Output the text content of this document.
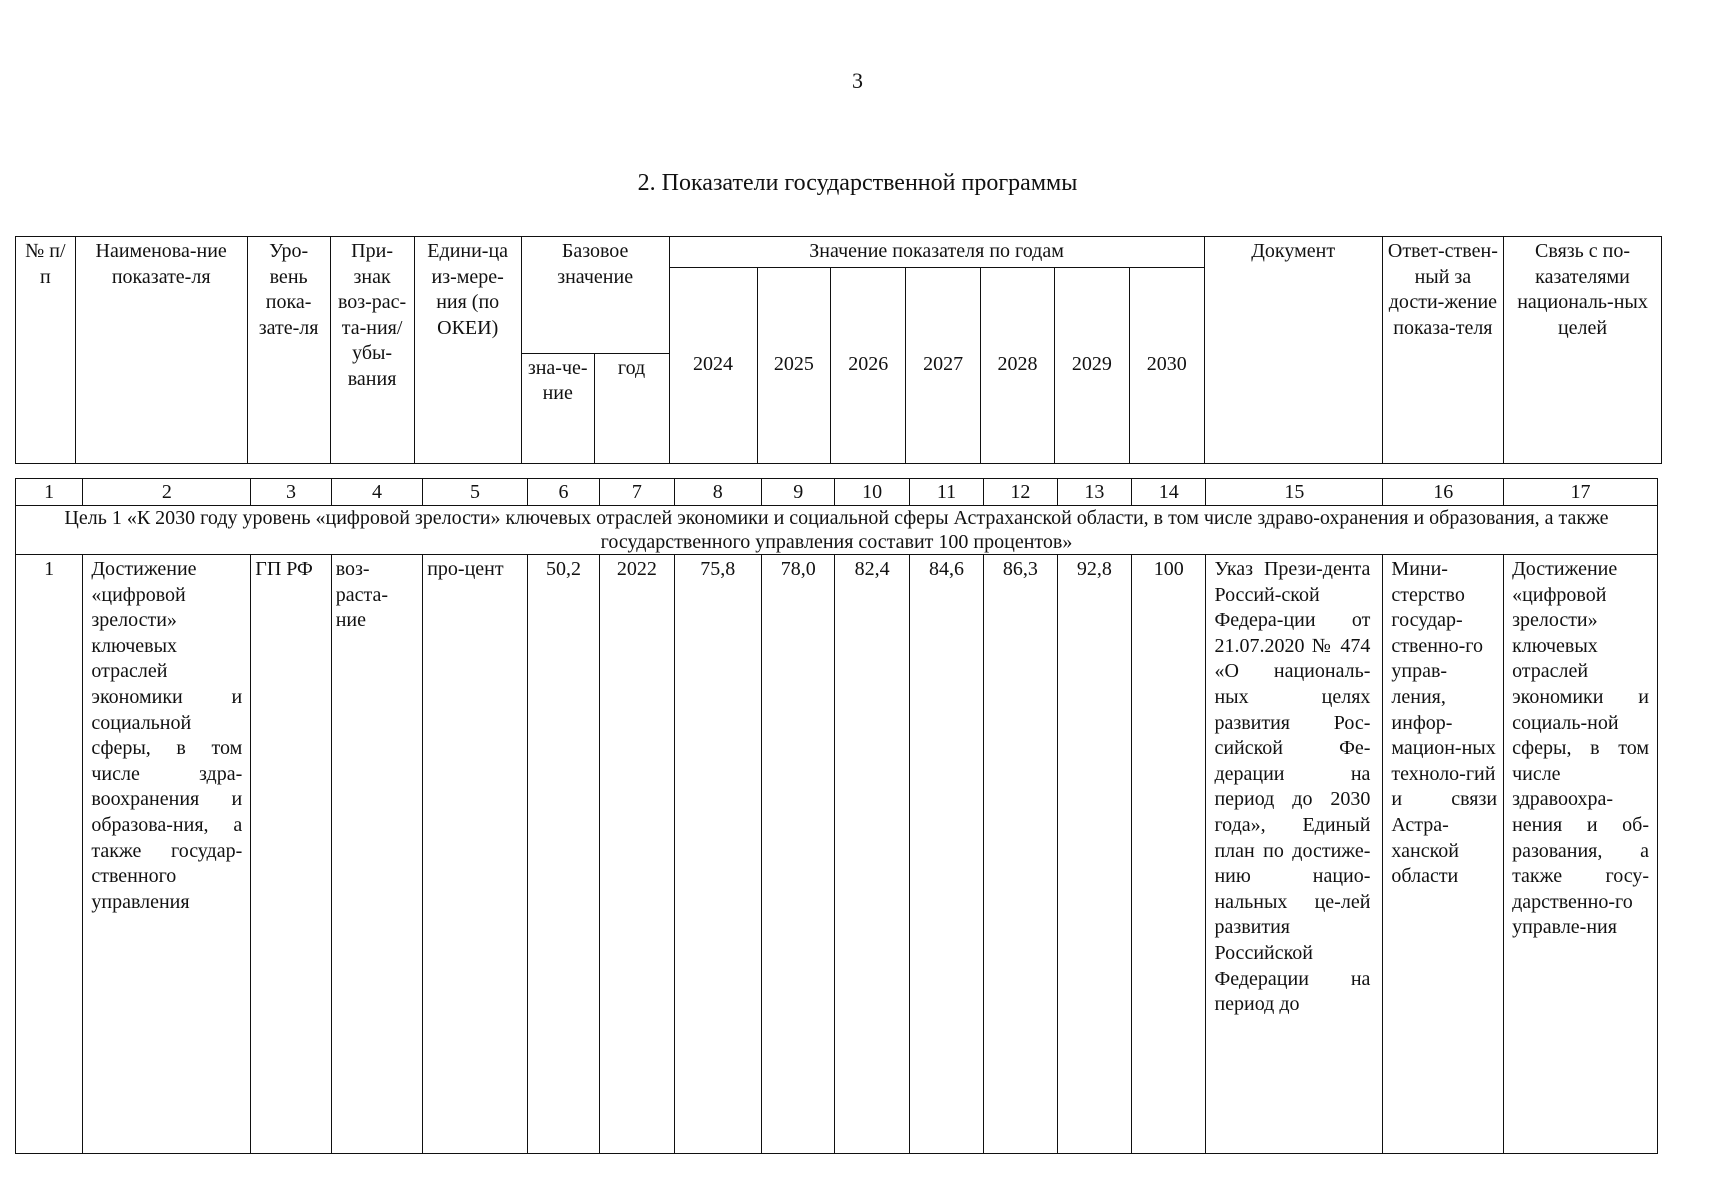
3
2. Показатели государственной программы
№ п/п	Наименова-ние показате-ля	Уро-вень пока-зате-ля	При-знак воз-рас-та-ния/ убы-вания	Едини-ца из-мере-ния (по ОКЕИ)	Базовое значение		Значение показателя по годам							Документ	Ответ-ствен-ный за дости-жение показа-теля	Связь с по-казателями националь-ных целей
							2024	2025	2026	2027	2028	2029	2030			
					зна-че-ние	год										
1	2	3	4	5	6	7	8	9	10	11	12	13	14	15	16	17
Цель 1 «К 2030 году уровень «цифровой зрелости» ключевых отраслей экономики и социальной сферы Астраханской области, в том числе здраво-охранения и образования, а также государственного управления составит 100 процентов»																
1	Достижение «цифровой зрелости» ключевых отраслей экономики и социальной сферы, в том числе здра-воохранения и образова-ния, а также государ-ственного управления	ГП РФ	воз-раста-ние	про-цент	50,2	2022	75,8	78,0	82,4	84,6	86,3	92,8	100	Указ Прези-дента Россий-ской Федера-ции от 21.07.2020 № 474 «О националь-ных целях развития Рос-сийской Фе-дерации на период до 2030 года», Единый план по достиже-нию нацио-нальных це-лей развития Российской Федерации на период до	Мини-стерство государ-ственно-го управ-ления, инфор-мацион-ных техноло-гий и связи Астра-ханской области	Достижение «цифровой зрелости» ключевых отраслей экономики и социаль-ной сферы, в том числе здравоохра-нения и об-разования, а также госу-дарственно-го управле-ния
